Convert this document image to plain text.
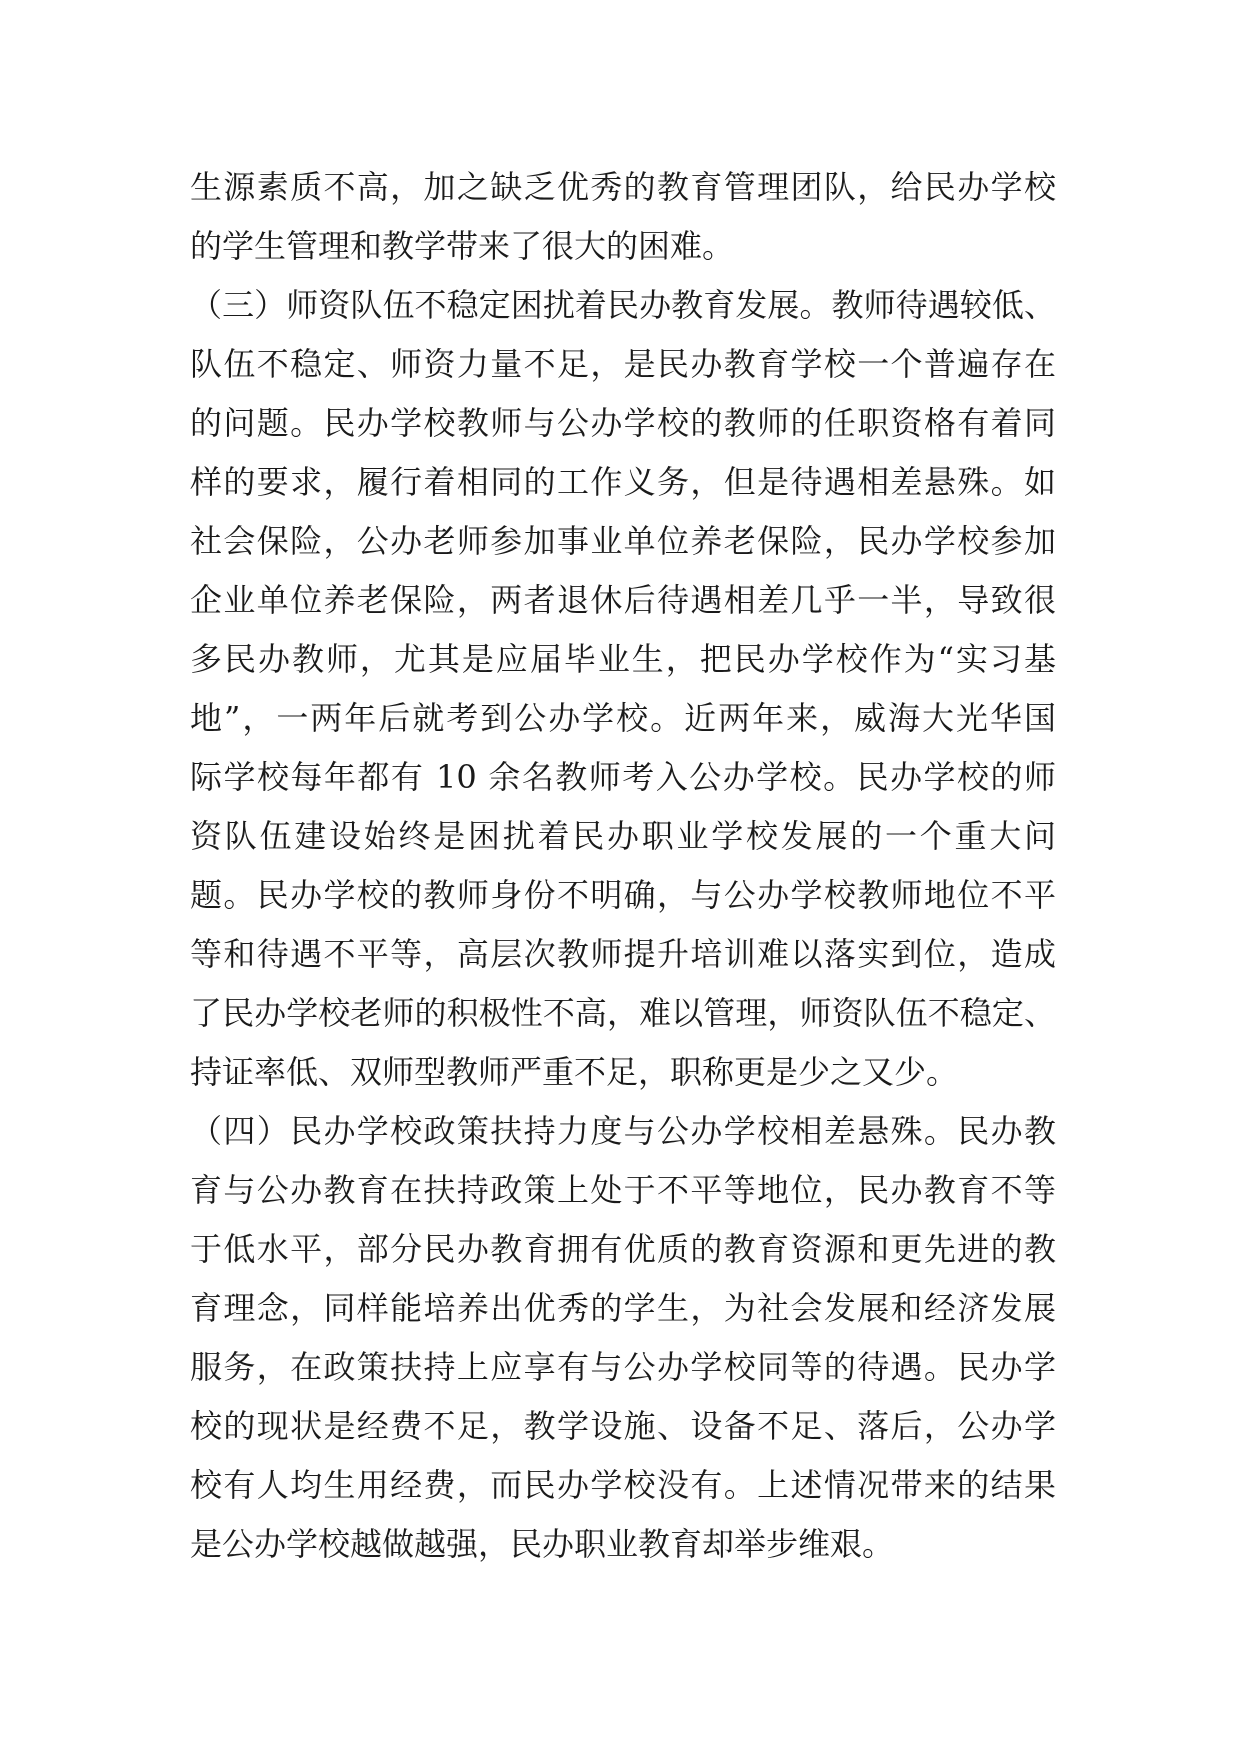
生源素质不高，加之缺乏优秀的教育管理团队，给民办学校
的学生管理和教学带来了很大的困难。
（三）师资队伍不稳定困扰着民办教育发展。教师待遇较低、
队伍不稳定、师资力量不足，是民办教育学校一个普遍存在
的问题。民办学校教师与公办学校的教师的任职资格有着同
样的要求，履行着相同的工作义务，但是待遇相差悬殊。如
社会保险，公办老师参加事业单位养老保险，民办学校参加
企业单位养老保险，两者退休后待遇相差几乎一半，导致很
多民办教师，尤其是应届毕业生，把民办学校作为“实习基
地”，一两年后就考到公办学校。近两年来，威海大光华国
际学校每年都有 10 余名教师考入公办学校。民办学校的师
资队伍建设始终是困扰着民办职业学校发展的一个重大问
题。民办学校的教师身份不明确，与公办学校教师地位不平
等和待遇不平等，高层次教师提升培训难以落实到位，造成
了民办学校老师的积极性不高，难以管理，师资队伍不稳定、
持证率低、双师型教师严重不足，职称更是少之又少。
（四）民办学校政策扶持力度与公办学校相差悬殊。民办教
育与公办教育在扶持政策上处于不平等地位，民办教育不等
于低水平，部分民办教育拥有优质的教育资源和更先进的教
育理念，同样能培养出优秀的学生，为社会发展和经济发展
服务，在政策扶持上应享有与公办学校同等的待遇。民办学
校的现状是经费不足，教学设施、设备不足、落后，公办学
校有人均生用经费，而民办学校没有。上述情况带来的结果
是公办学校越做越强，民办职业教育却举步维艰。
